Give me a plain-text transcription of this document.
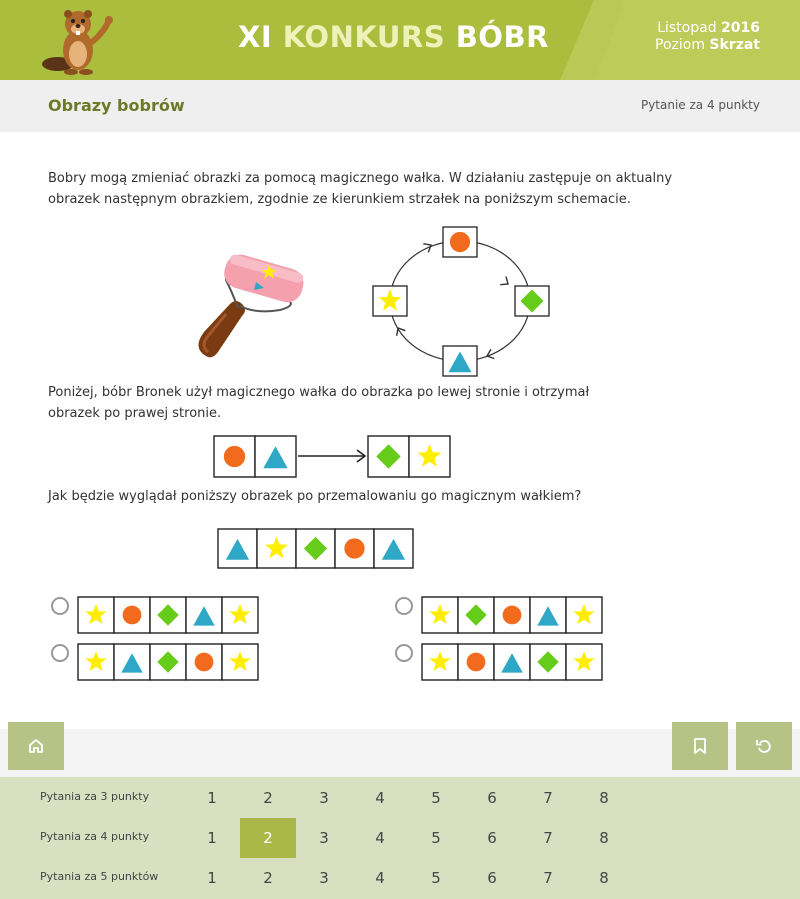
XI KONKURS BÓBR	Listopad 2016
Poziom Skrzat
Obrazy bobrów	Pytanie za 4 punkty
Bobry mogą zmieniać obrazki za pomocą magicznego wałka. W działaniu zastępuje on aktualny
obrazek następnym obrazkiem, zgodnie ze kierunkiem strzałek na poniższym schemacie.
Poniżej, bóbr Bronek użył magicznego wałka do obrazka po lewej stronie i otrzymał
obrazek po prawej stronie.
Jak będzie wyglądał poniższy obrazek po przemalowaniu go magicznym wałkiem?
Pytania za 3 punkty	1	2	3	4	5	6	7	8
Pytania za 4 punkty	1	2	3	4	5	6	7	8
Pytania za 5 punktów	1	2	3	4	5	6	7	8
